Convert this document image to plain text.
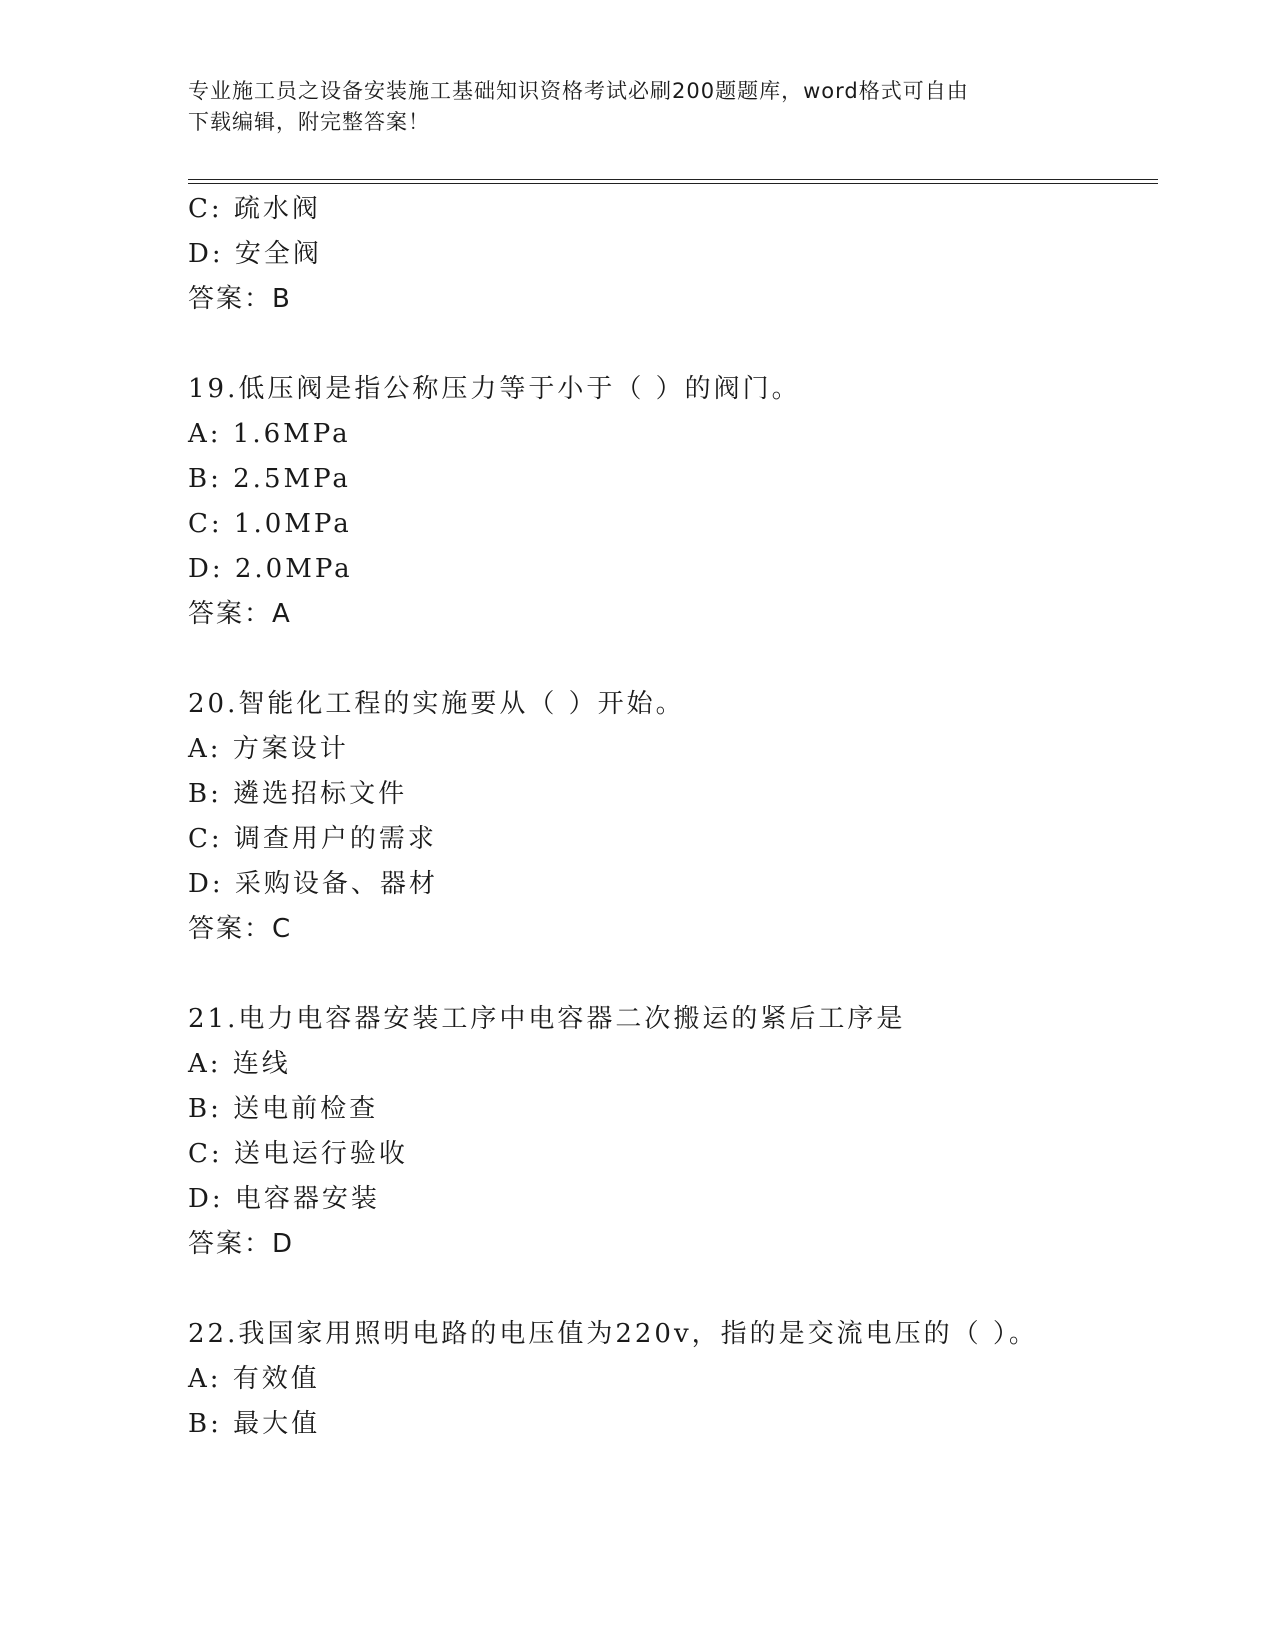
专业施工员之设备安装施工基础知识资格考试必刷200题题库，word格式可自由
下载编辑，附完整答案！
C: 疏水阀
D: 安全阀
答案：B
19.低压阀是指公称压力等于小于（ ）的阀门。
A: 1.6MPa
B: 2.5MPa
C: 1.0MPa
D: 2.0MPa
答案：A
20.智能化工程的实施要从（ ）开始。
A: 方案设计
B: 遴选招标文件
C: 调查用户的需求
D: 采购设备、器材
答案：C
21.电力电容器安装工序中电容器二次搬运的紧后工序是
A: 连线
B: 送电前检查
C: 送电运行验收
D: 电容器安装
答案：D
22.我国家用照明电路的电压值为220v，指的是交流电压的（ ）。
A: 有效值
B: 最大值
